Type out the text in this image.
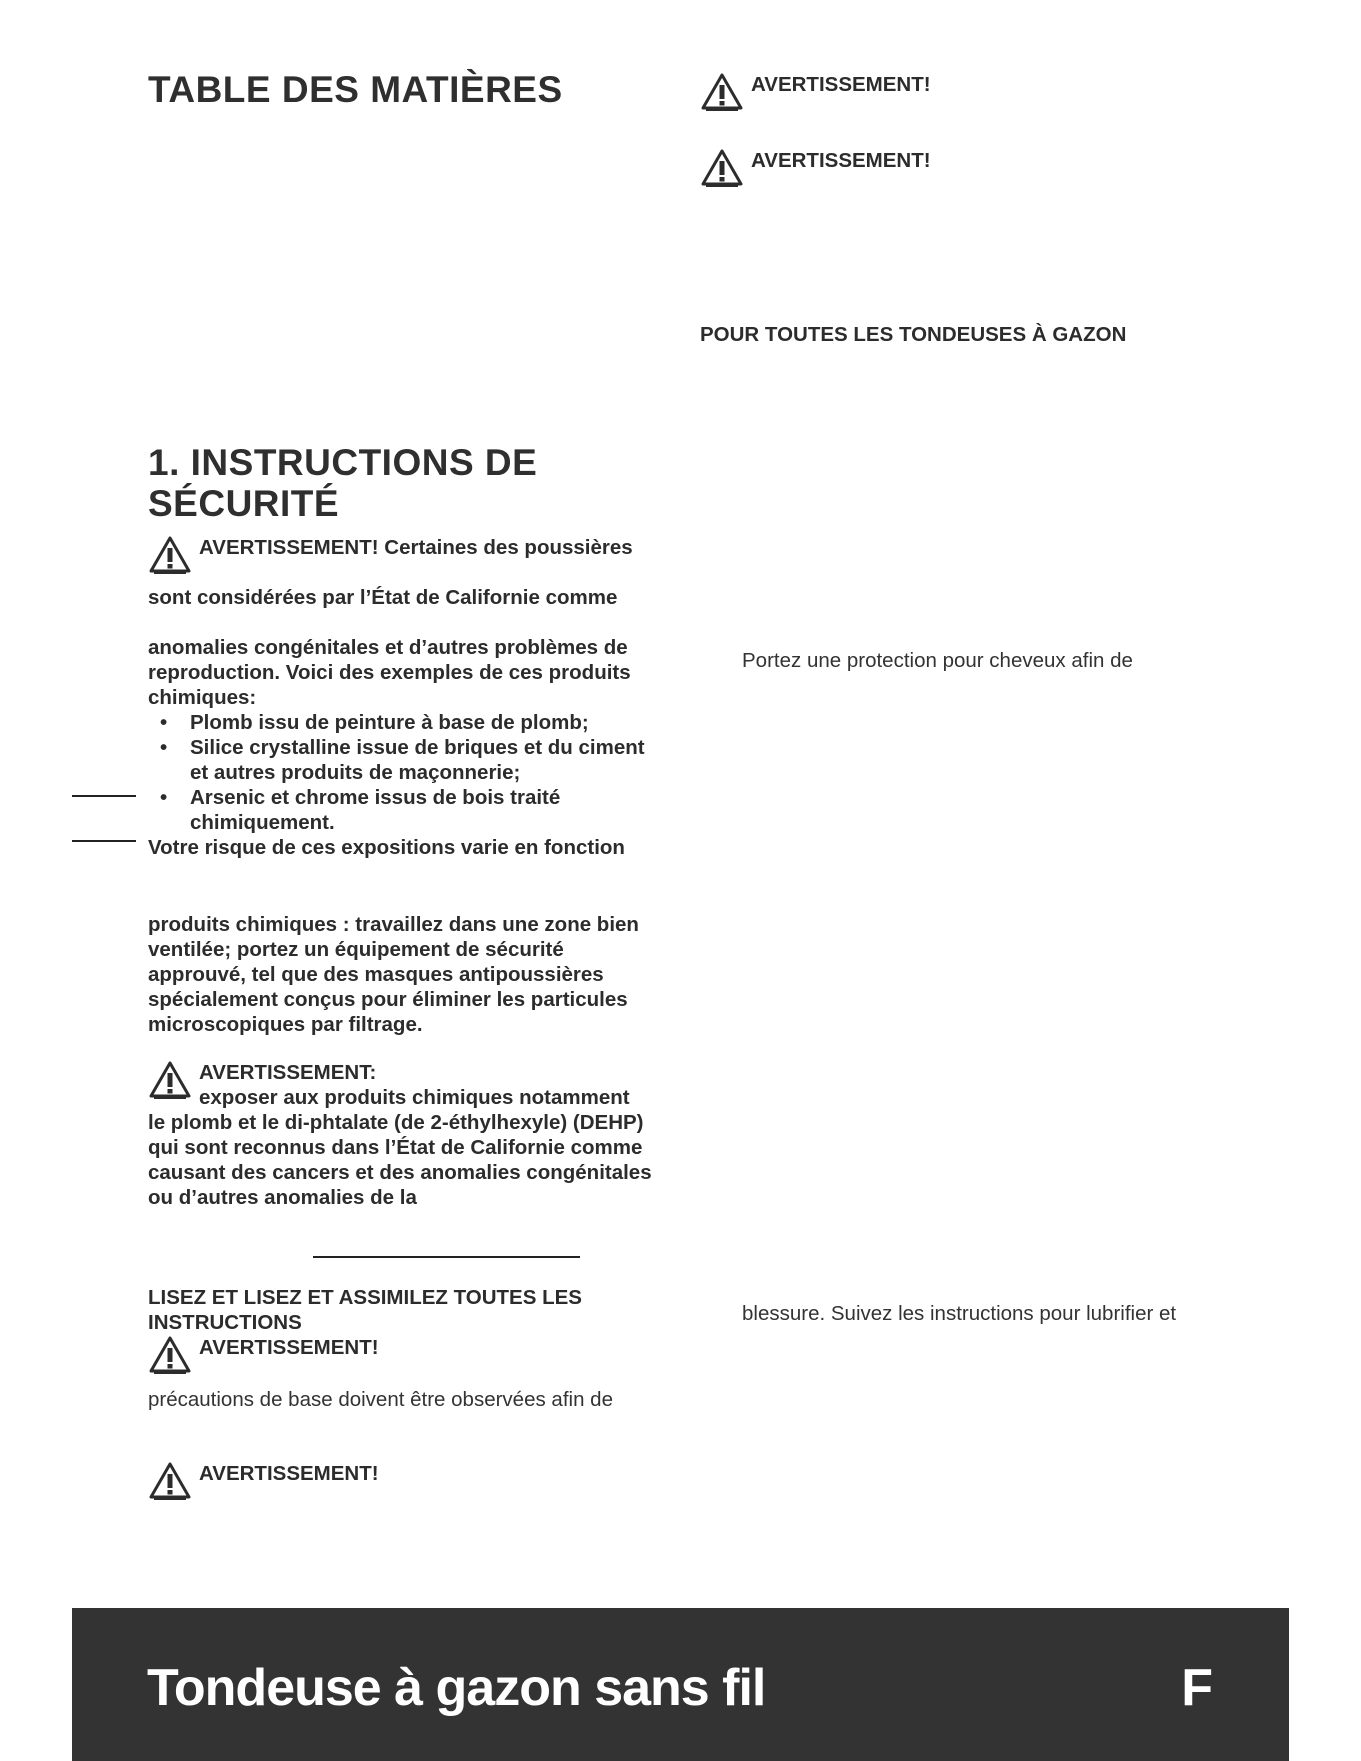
TABLE DES MATIÈRES
1. INSTRUCTIONS DE
SÉCURITÉ
AVERTISSEMENT! Certaines des poussières

sont considérées par l’État de Californie comme

anomalies congénitales et d’autres problèmes de reproduction. Voici des exemples de ces produits chimiques:

• Plomb issu de peinture à base de plomb;
• Silice crystalline issue de briques et du ciment et autres produits de maçonnerie;
• Arsenic et chrome issus de bois traité chimiquement.

Votre risque de ces expositions varie en fonction

produits chimiques : travaillez dans une zone bien ventilée; portez un équipement de sécurité approuvé, tel que des masques antipoussières spécialement conçus pour éliminer les particules microscopiques par filtrage.

AVERTISSEMENT:
exposer aux produits chimiques notamment

le plomb et le di-phtalate (de 2-éthylhexyle) (DEHP) qui sont reconnus dans l’État de Californie comme causant des cancers et des anomalies congénitales ou d’autres anomalies de la

LISEZ ET LISEZ ET ASSIMILEZ TOUTES LES INSTRUCTIONS

AVERTISSEMENT!

précautions de base doivent être observées afin de

AVERTISSEMENT!
AVERTISSEMENT!
AVERTISSEMENT!

POUR TOUTES LES TONDEUSES À GAZON

Portez une protection pour cheveux afin de

blessure. Suivez les instructions pour lubrifier et

Tondeuse à gazon sans fil	F
